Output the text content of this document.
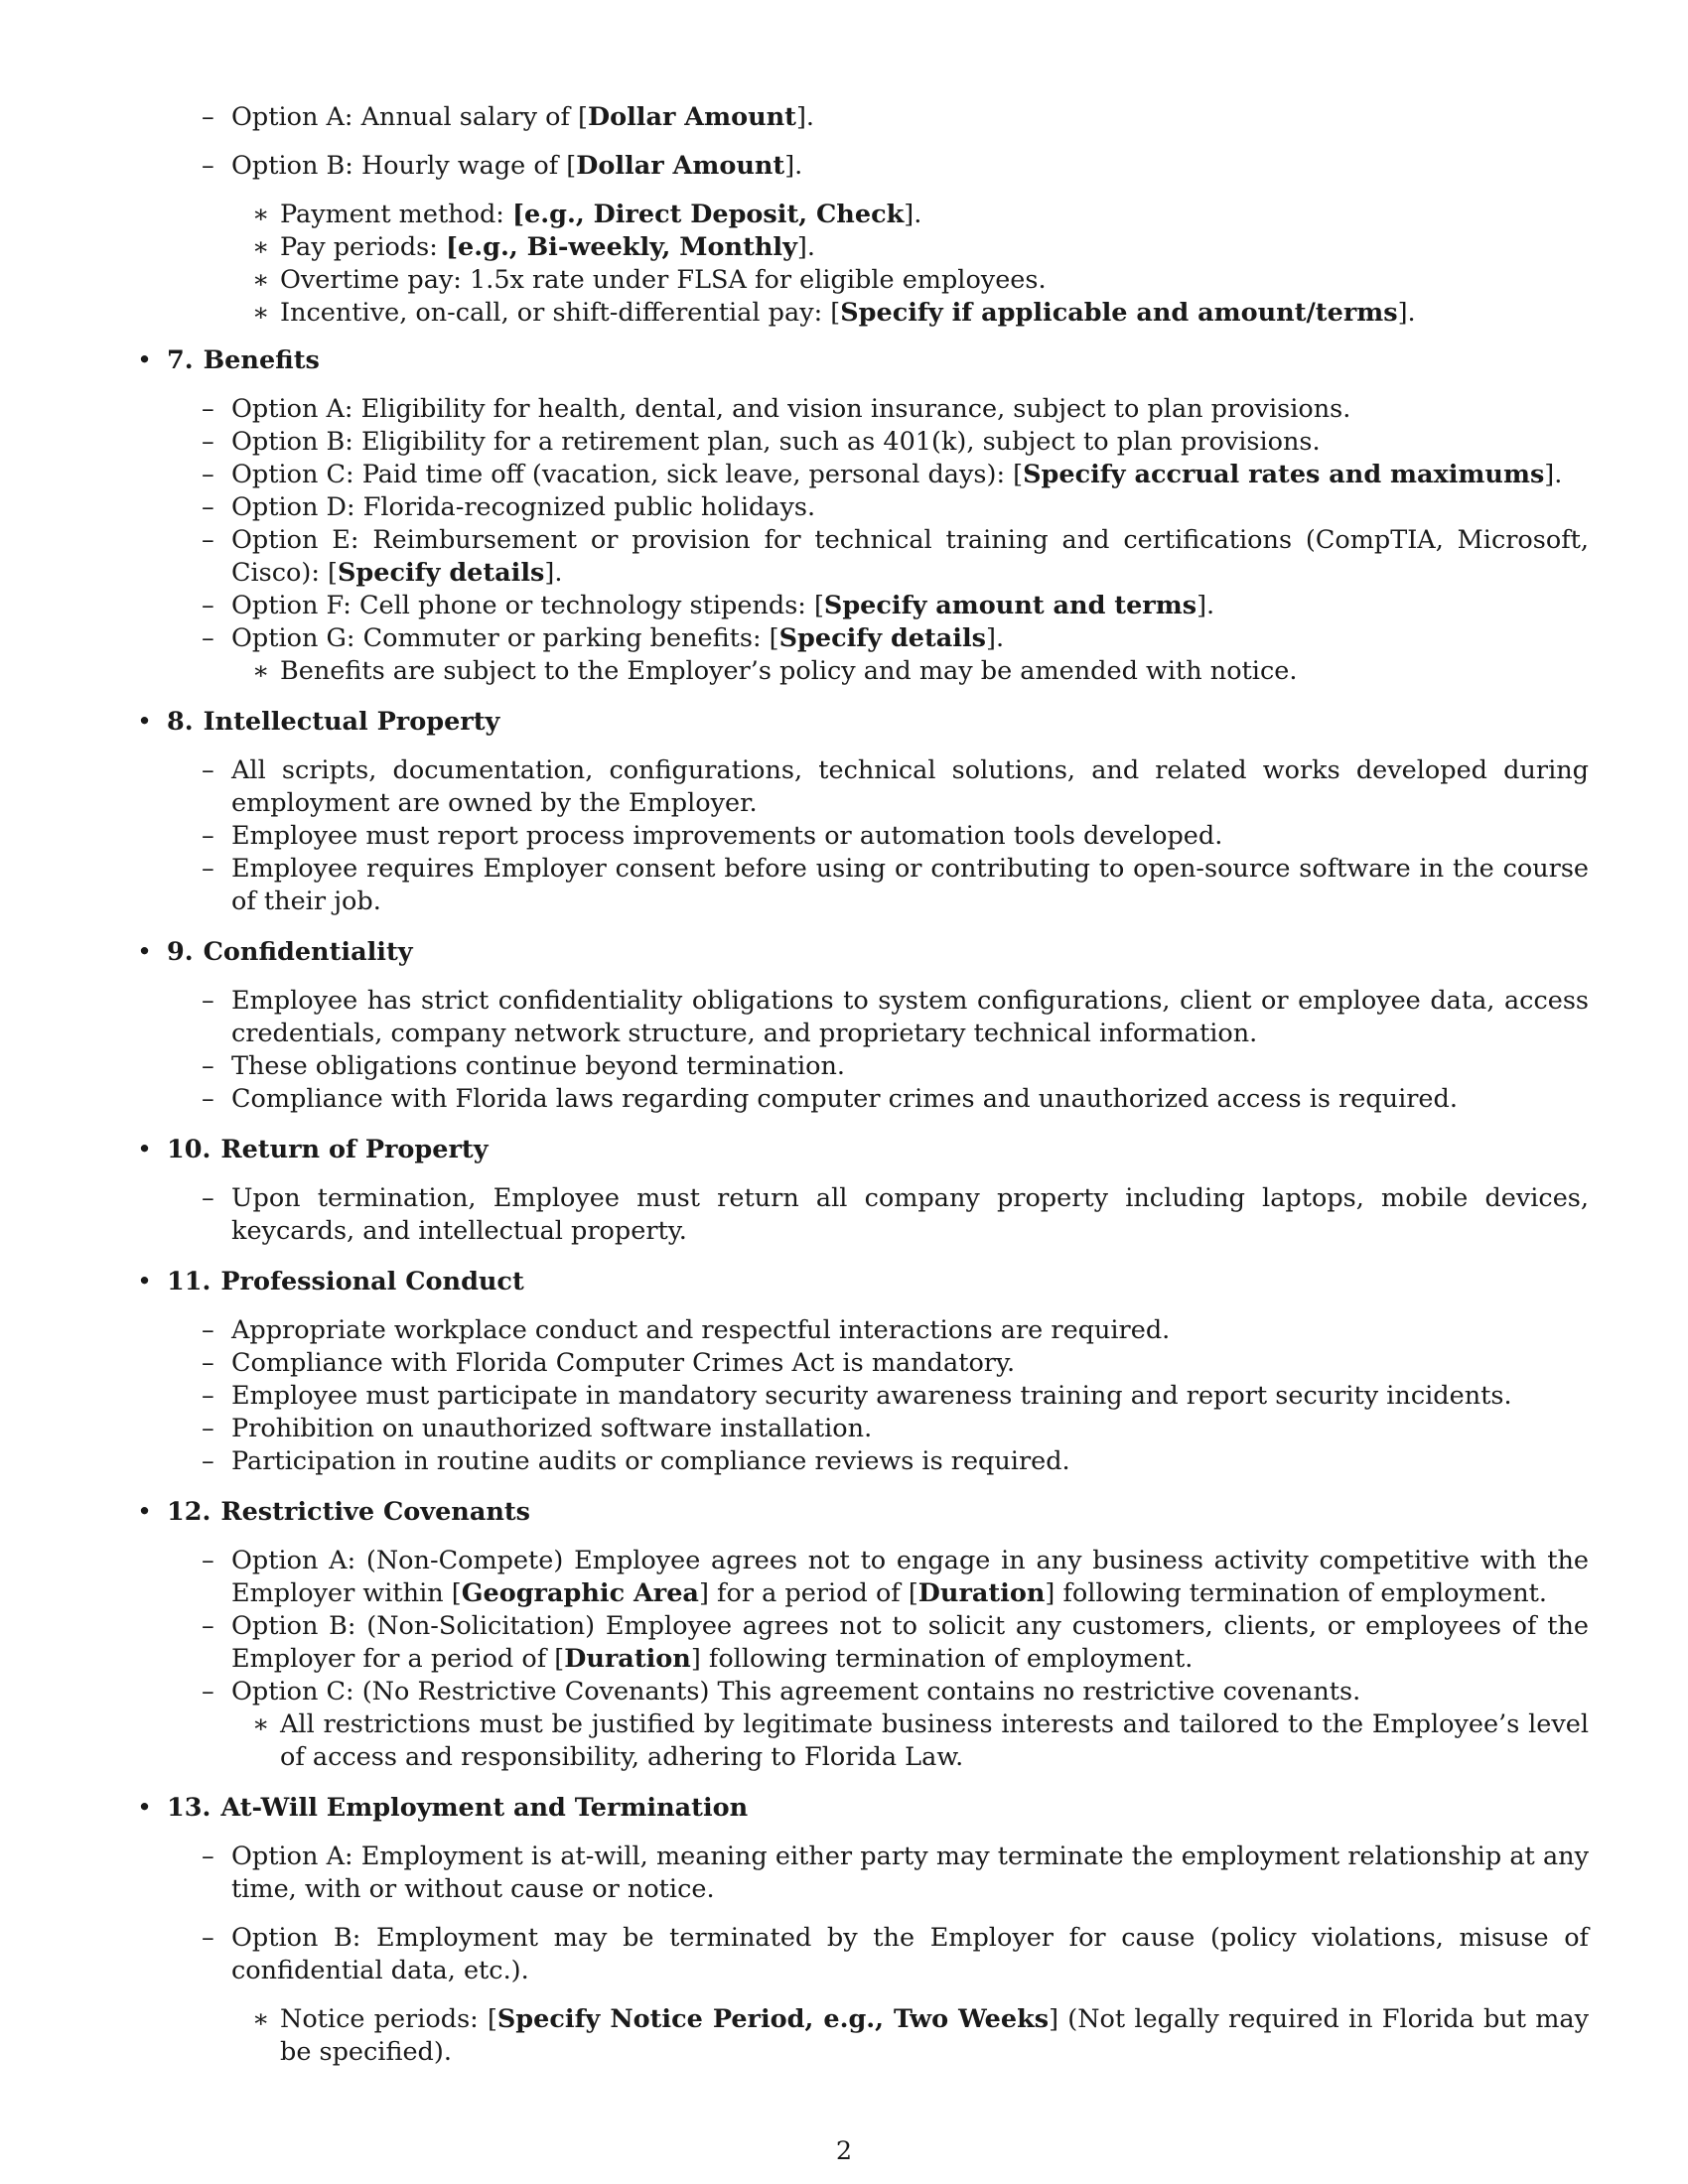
– Option A: Annual salary of [Dollar Amount].
– Option B: Hourly wage of [Dollar Amount].
∗ Payment method: [e.g., Direct Deposit, Check].
∗ Pay periods: [e.g., Bi-weekly, Monthly].
∗ Overtime pay: 1.5x rate under FLSA for eligible employees.
∗ Incentive, on-call, or shift-differential pay: [Specify if applicable and amount/terms].
• 7. Benefits
– Option A: Eligibility for health, dental, and vision insurance, subject to plan provisions.
– Option B: Eligibility for a retirement plan, such as 401(k), subject to plan provisions.
– Option C: Paid time off (vacation, sick leave, personal days): [Specify accrual rates and maximums].
– Option D: Florida-recognized public holidays.
– Option E: Reimbursement or provision for technical training and certifications (CompTIA, Microsoft, Cisco): [Specify details].
– Option F: Cell phone or technology stipends: [Specify amount and terms].
– Option G: Commuter or parking benefits: [Specify details].
∗ Benefits are subject to the Employer’s policy and may be amended with notice.
• 8. Intellectual Property
– All scripts, documentation, configurations, technical solutions, and related works developed during employment are owned by the Employer.
– Employee must report process improvements or automation tools developed.
– Employee requires Employer consent before using or contributing to open-source software in the course of their job.
• 9. Confidentiality
– Employee has strict confidentiality obligations to system configurations, client or employee data, access credentials, company network structure, and proprietary technical information.
– These obligations continue beyond termination.
– Compliance with Florida laws regarding computer crimes and unauthorized access is required.
• 10. Return of Property
– Upon termination, Employee must return all company property including laptops, mobile devices, keycards, and intellectual property.
• 11. Professional Conduct
– Appropriate workplace conduct and respectful interactions are required.
– Compliance with Florida Computer Crimes Act is mandatory.
– Employee must participate in mandatory security awareness training and report security incidents.
– Prohibition on unauthorized software installation.
– Participation in routine audits or compliance reviews is required.
• 12. Restrictive Covenants
– Option A: (Non-Compete) Employee agrees not to engage in any business activity competitive with the Employer within [Geographic Area] for a period of [Duration] following termination of employment.
– Option B: (Non-Solicitation) Employee agrees not to solicit any customers, clients, or employees of the Employer for a period of [Duration] following termination of employment.
– Option C: (No Restrictive Covenants) This agreement contains no restrictive covenants.
∗ All restrictions must be justified by legitimate business interests and tailored to the Employee’s level of access and responsibility, adhering to Florida Law.
• 13. At-Will Employment and Termination
– Option A: Employment is at-will, meaning either party may terminate the employment relationship at any time, with or without cause or notice.
– Option B: Employment may be terminated by the Employer for cause (policy violations, misuse of confidential data, etc.).
∗ Notice periods: [Specify Notice Period, e.g., Two Weeks] (Not legally required in Florida but may be specified).
2
